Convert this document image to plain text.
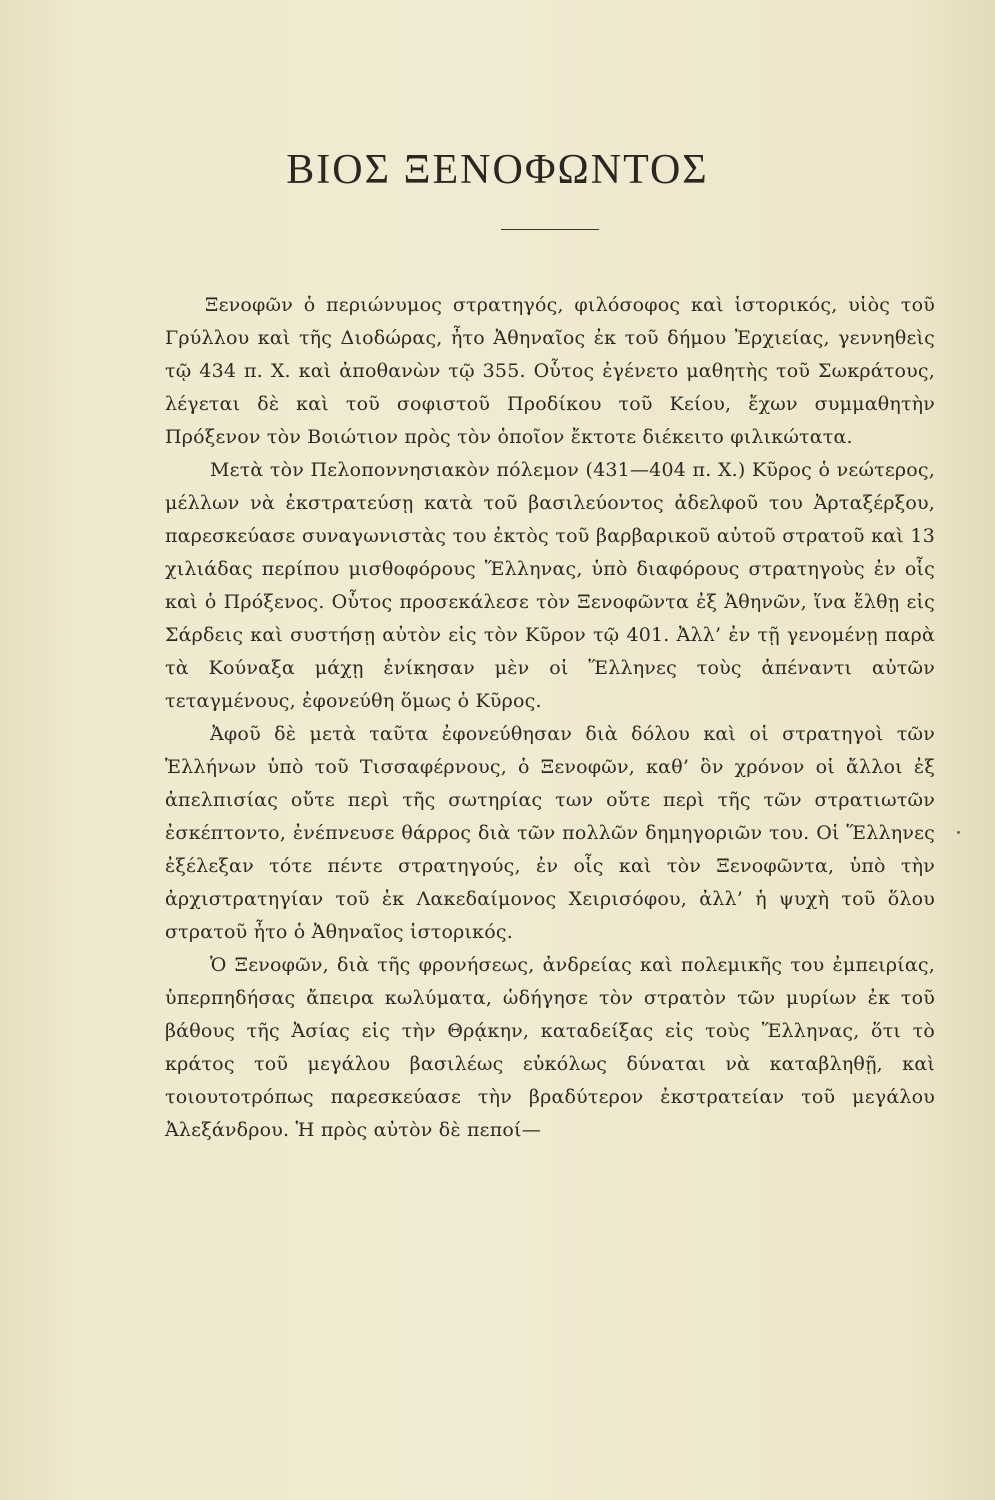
ΒΙΟΣ ΞΕΝΟΦΩΝΤΟΣ

Ξενοφῶν ὁ περιώνυμος στρατηγός, φιλόσοφος καὶ ἱστορικός, υἱὸς τοῦ Γρύλλου καὶ τῆς Διοδώρας, ἦτο Ἀθηναῖος ἐκ τοῦ δήμου Ἐρχιείας, γεννηθεὶς τῷ 434 π. Χ. καὶ ἀποθανὼν τῷ 355. Οὗτος ἐγένετο μαθητὴς τοῦ Σωκράτους, λέγεται δὲ καὶ τοῦ σοφιστοῦ Προδίκου τοῦ Κείου, ἔχων συμμαθητὴν Πρόξενον τὸν Βοιώτιον πρὸς τὸν ὁποῖον ἔκτοτε διέκειτο φιλικώτατα.

Μετὰ τὸν Πελοποννησιακὸν πόλεμον (431—404 π. Χ.) Κῦρος ὁ νεώτερος, μέλλων νὰ ἐκστρατεύσῃ κατὰ τοῦ βασιλεύοντος ἀδελφοῦ του Ἀρταξέρξου, παρεσκεύασε συναγωνιστὰς του ἐκτὸς τοῦ βαρβαρικοῦ αὐτοῦ στρατοῦ καὶ 13 χιλιάδας περίπου μισθοφόρους Ἕλληνας, ὑπὸ διαφόρους στρατηγοὺς ἐν οἷς καὶ ὁ Πρόξενος. Οὗτος προσεκάλεσε τὸν Ξενοφῶντα ἐξ Ἀθηνῶν, ἵνα ἔλθῃ εἰς Σάρδεις καὶ συστήσῃ αὐτὸν εἰς τὸν Κῦρον τῷ 401. Ἀλλ’ ἐν τῇ γενομένῃ παρὰ τὰ Κούναξα μάχῃ ἐνίκησαν μὲν οἱ Ἕλληνες τοὺς ἀπέναντι αὐτῶν τεταγμένους, ἐφονεύθη ὅμως ὁ Κῦρος.

Ἀφοῦ δὲ μετὰ ταῦτα ἐφονεύθησαν διὰ δόλου καὶ οἱ στρατηγοὶ τῶν Ἑλλήνων ὑπὸ τοῦ Τισσαφέρνους, ὁ Ξενοφῶν, καθ’ ὃν χρόνον οἱ ἄλλοι ἐξ ἀπελπισίας οὔτε περὶ τῆς σωτηρίας των οὔτε περὶ τῆς τῶν στρατιωτῶν ἐσκέπτοντο, ἐνέπνευσε θάρρος διὰ τῶν πολλῶν δημηγοριῶν του. Οἱ Ἕλληνες ἐξέλεξαν τότε πέντε στρατηγούς, ἐν οἷς καὶ τὸν Ξενοφῶντα, ὑπὸ τὴν ἀρχιστρατηγίαν τοῦ ἐκ Λακεδαίμονος Χειρισόφου, ἀλλ’ ἡ ψυχὴ τοῦ ὅλου στρατοῦ ἦτο ὁ Ἀθηναῖος ἱστορικός.

Ὁ Ξενοφῶν, διὰ τῆς φρονήσεως, ἀνδρείας καὶ πολεμικῆς του ἐμπειρίας, ὑπερπηδήσας ἄπειρα κωλύματα, ὡδήγησε τὸν στρατὸν τῶν μυρίων ἐκ τοῦ βάθους τῆς Ἀσίας εἰς τὴν Θρᾴκην, καταδείξας εἰς τοὺς Ἕλληνας, ὅτι τὸ κράτος τοῦ μεγάλου βασιλέως εὐκόλως δύναται νὰ καταβληθῇ, καὶ τοιουτοτρόπως παρεσκεύασε τὴν βραδύτερον ἐκστρατείαν τοῦ μεγάλου Ἀλεξάνδρου. Ἡ πρὸς αὐτὸν δὲ πεποί—
